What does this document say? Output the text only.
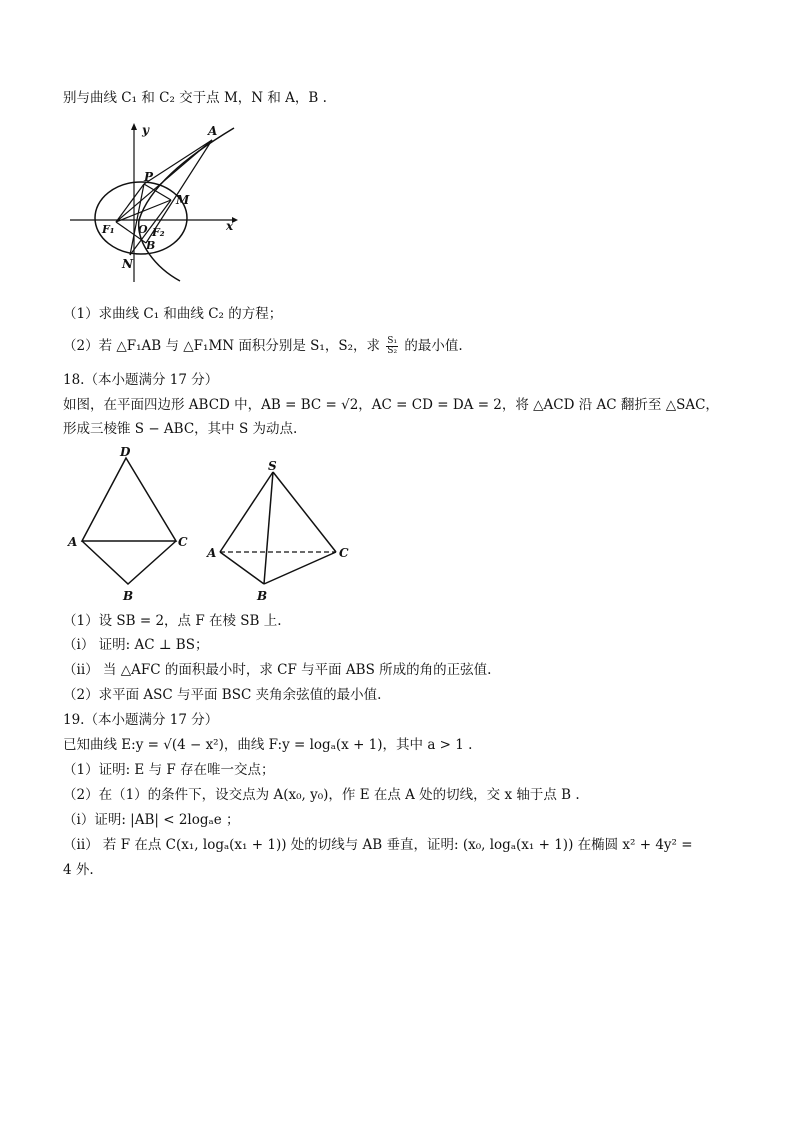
别与曲线 C₁ 和 C₂ 交于点 M，N 和 A，B .
y
x
A
P
M
F₁ O F₂
B
N
（1）求曲线 C₁ 和曲线 C₂ 的方程；
（2）若 △F₁AB 与 △F₁MN 面积分别是 S₁，S₂，求 $\frac{\text{S₁}}{\text{S₂}}$ 的最小值.
18.（本小题满分 17 分）
如图，在平面四边形 ABCD 中，AB = BC = √2，AC = CD = DA = 2，将 △ACD 沿 AC 翻折至 △SAC，
形成三棱锥 S − ABC，其中 S 为动点.
D
A	C
B
S
A	C
B
（1）设 SB = 2，点 F 在棱 SB 上.
（i） 证明: AC ⊥ BS；
（ii） 当 △AFC 的面积最小时，求 CF 与平面 ABS 所成的角的正弦值.
（2）求平面 ASC 与平面 BSC 夹角余弦值的最小值.
19.（本小题满分 17 分）
已知曲线 E:y = √(4 − x²)，曲线 F:y = logₐ(x + 1)，其中 a > 1 .
（1）证明: E 与 F 存在唯一交点；
（2）在（1）的条件下，设交点为 A(x₀, y₀)，作 E 在点 A 处的切线，交 x 轴于点 B .
（i）证明: |AB| < 2logₐe ；
（ii） 若 F 在点 C(x₁, logₐ(x₁ + 1)) 处的切线与 AB 垂直，证明: (x₀, logₐ(x₁ + 1)) 在椭圆 x² + 4y² =
4 外.
